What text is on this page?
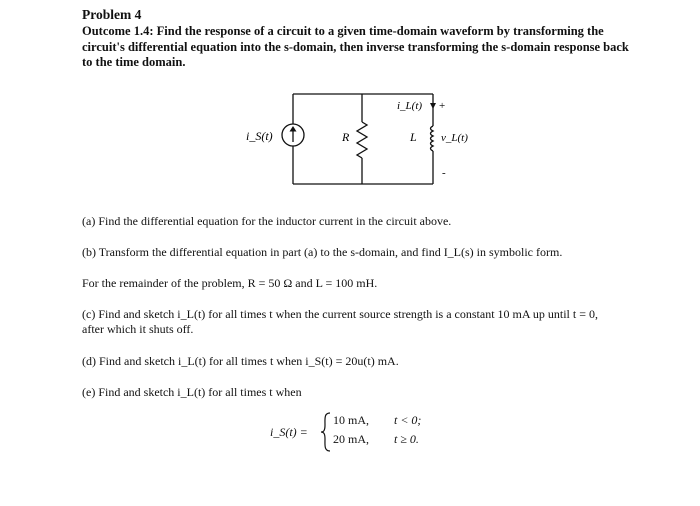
Problem 4
Outcome 1.4: Find the response of a circuit to a given time-domain waveform by transforming the circuit's differential equation into the s-domain, then inverse transforming the s-domain response back to the time domain.
i_S(t)	R	L
i_L(t)
v_L(t)
+
-
(a) Find the differential equation for the inductor current in the circuit above.
(b) Transform the differential equation in part (a) to the s-domain, and find I_L(s) in symbolic form.
For the remainder of the problem, R = 50 Ω and L = 100 mH.
(c) Find and sketch i_L(t) for all times t when the current source strength is a constant 10 mA up until t = 0,
after which it shuts off.
(d) Find and sketch i_L(t) for all times t when i_S(t) = 20u(t) mA.
(e) Find and sketch i_L(t) for all times t when
i_S(t) =
10 mA, t < 0;
20 mA, t ≥ 0.
